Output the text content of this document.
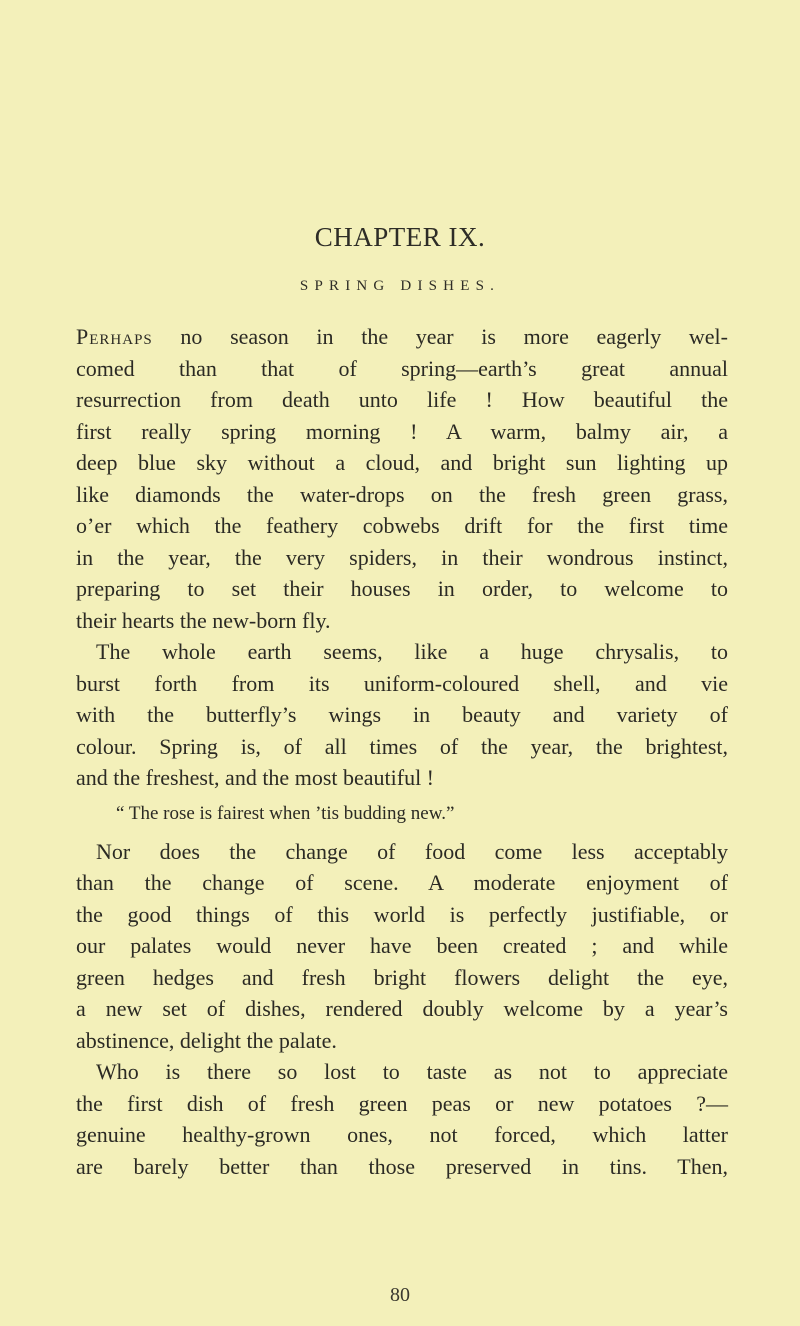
CHAPTER IX.
SPRING DISHES.
Perhaps no season in the year is more eagerly wel-
comed than that of spring—earth’s great annual
resurrection from death unto life ! How beautiful the
first really spring morning ! A warm, balmy air, a
deep blue sky without a cloud, and bright sun lighting up
like diamonds the water-drops on the fresh green grass,
o’er which the feathery cobwebs drift for the first time
in the year, the very spiders, in their wondrous instinct,
preparing to set their houses in order, to welcome to
their hearts the new-born fly.
The whole earth seems, like a huge chrysalis, to
burst forth from its uniform-coloured shell, and vie
with the butterfly’s wings in beauty and variety of
colour. Spring is, of all times of the year, the brightest,
and the freshest, and the most beautiful !
“ The rose is fairest when ’tis budding new.”
Nor does the change of food come less acceptably
than the change of scene. A moderate enjoyment of
the good things of this world is perfectly justifiable, or
our palates would never have been created ; and while
green hedges and fresh bright flowers delight the eye,
a new set of dishes, rendered doubly welcome by a year’s
abstinence, delight the palate.
Who is there so lost to taste as not to appreciate
the first dish of fresh green peas or new potatoes ?—
genuine healthy-grown ones, not forced, which latter
are barely better than those preserved in tins. Then,
80
